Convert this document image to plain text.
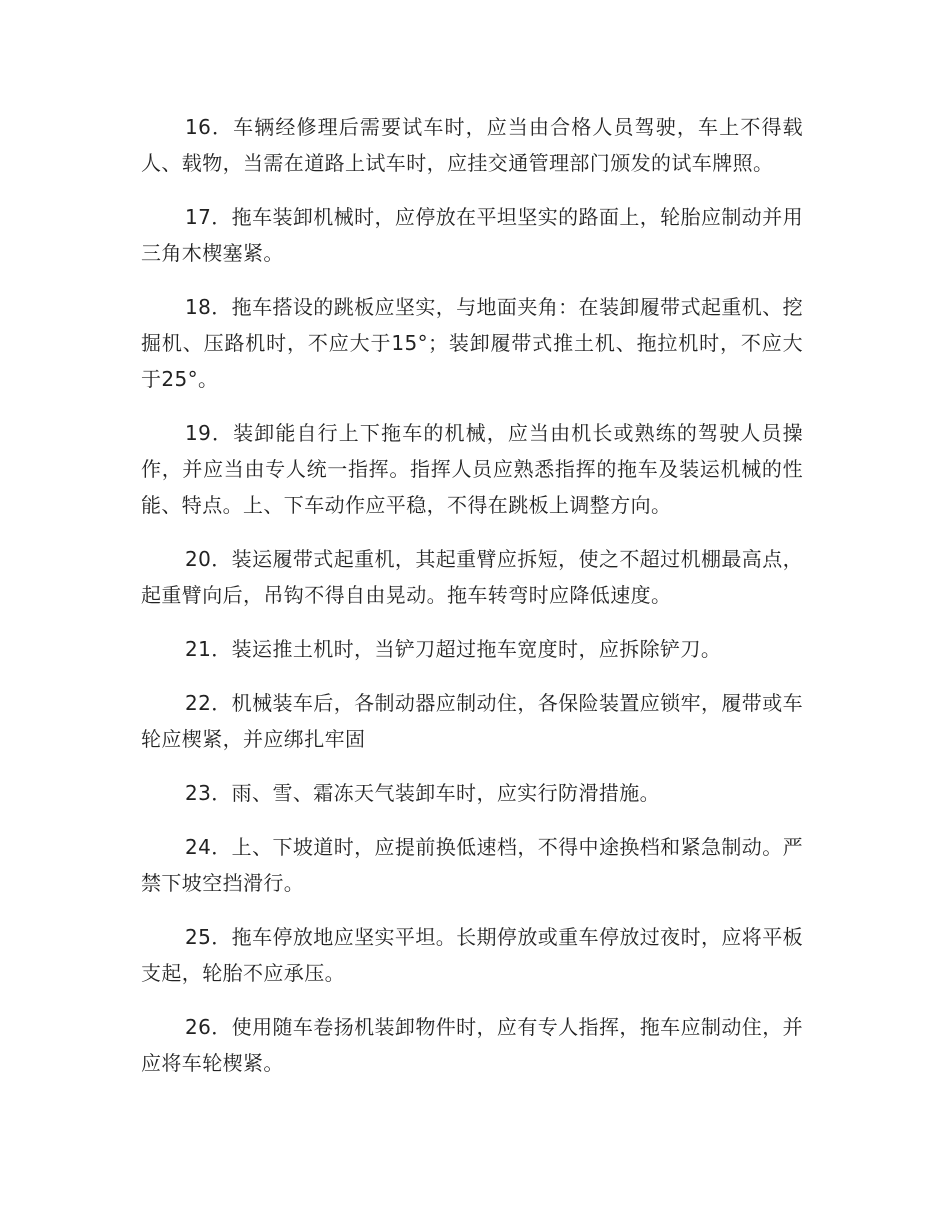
16．车辆经修理后需要试车时，应当由合格人员驾驶，车上不得载人、载物，当需在道路上试车时，应挂交通管理部门颁发的试车牌照。

17．拖车装卸机械时，应停放在平坦坚实的路面上，轮胎应制动并用三角木楔塞紧。

18．拖车搭设的跳板应坚实，与地面夹角：在装卸履带式起重机、挖掘机、压路机时，不应大于15°；装卸履带式推土机、拖拉机时，不应大于25°。

19．装卸能自行上下拖车的机械，应当由机长或熟练的驾驶人员操作，并应当由专人统一指挥。指挥人员应熟悉指挥的拖车及装运机械的性能、特点。上、下车动作应平稳，不得在跳板上调整方向。

20．装运履带式起重机，其起重臂应拆短，使之不超过机棚最高点，起重臂向后，吊钩不得自由晃动。拖车转弯时应降低速度。

21．装运推土机时，当铲刀超过拖车宽度时，应拆除铲刀。

22．机械装车后，各制动器应制动住，各保险装置应锁牢，履带或车轮应楔紧，并应绑扎牢固

23．雨、雪、霜冻天气装卸车时，应实行防滑措施。

24．上、下坡道时，应提前换低速档，不得中途换档和紧急制动。严禁下坡空挡滑行。

25．拖车停放地应坚实平坦。长期停放或重车停放过夜时，应将平板支起，轮胎不应承压。

26．使用随车卷扬机装卸物件时，应有专人指挥，拖车应制动住，并应将车轮楔紧。
